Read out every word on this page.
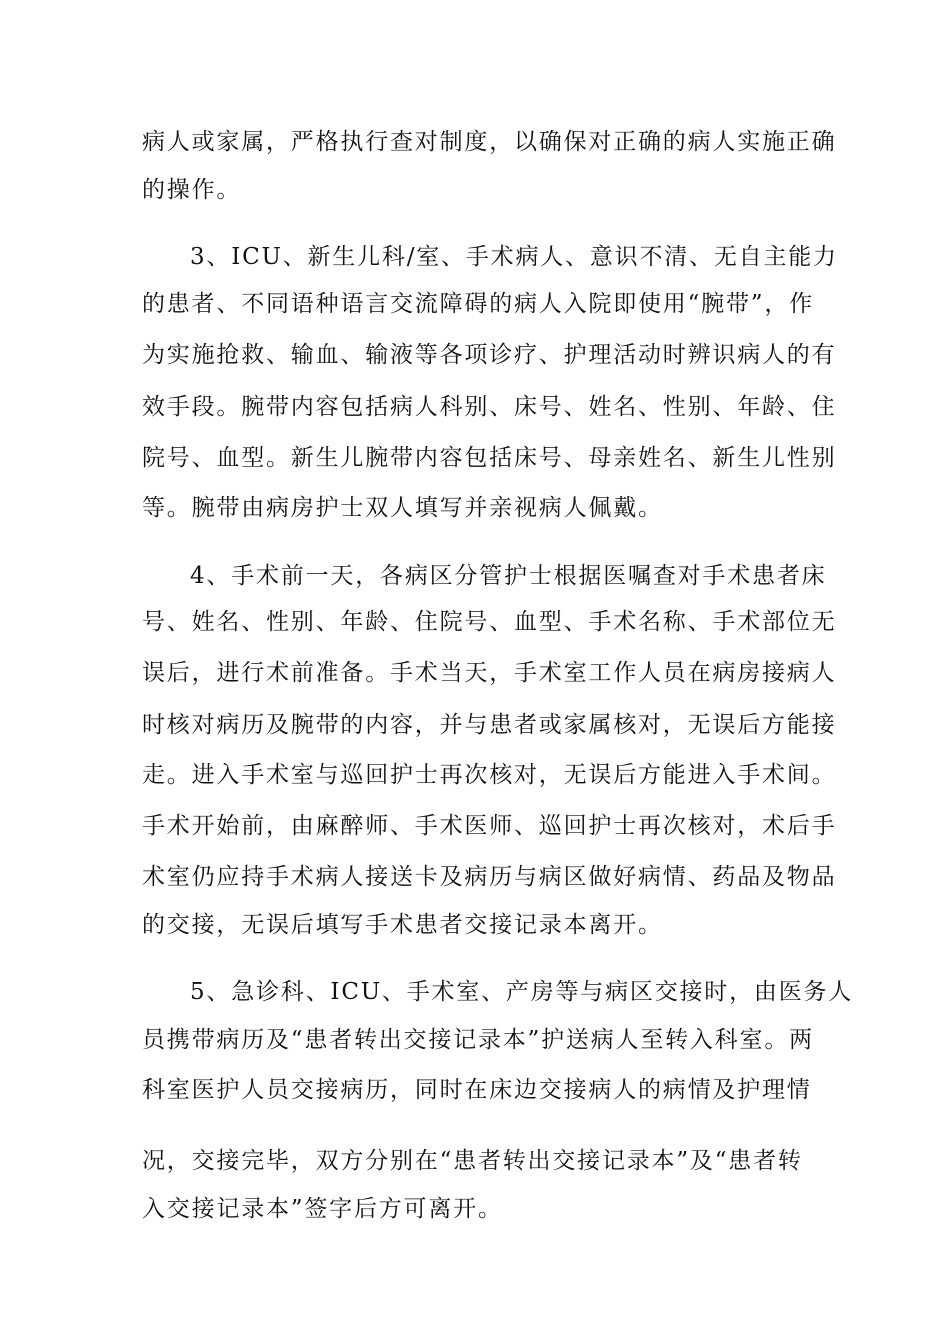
病人或家属，严格执行查对制度，以确保对正确的病人实施正确
的操作。
3、ICU、新生儿科/室、手术病人、意识不清、无自主能力
的患者、不同语种语言交流障碍的病人入院即使用“腕带”，作
为实施抢救、输血、输液等各项诊疗、护理活动时辨识病人的有
效手段。腕带内容包括病人科别、床号、姓名、性别、年龄、住
院号、血型。新生儿腕带内容包括床号、母亲姓名、新生儿性别
等。腕带由病房护士双人填写并亲视病人佩戴。
4、手术前一天，各病区分管护士根据医嘱查对手术患者床
号、姓名、性别、年龄、住院号、血型、手术名称、手术部位无
误后，进行术前准备。手术当天，手术室工作人员在病房接病人
时核对病历及腕带的内容，并与患者或家属核对，无误后方能接
走。进入手术室与巡回护士再次核对，无误后方能进入手术间。
手术开始前，由麻醉师、手术医师、巡回护士再次核对，术后手
术室仍应持手术病人接送卡及病历与病区做好病情、药品及物品
的交接，无误后填写手术患者交接记录本离开。
5、急诊科、ICU、手术室、产房等与病区交接时，由医务人
员携带病历及“患者转出交接记录本”护送病人至转入科室。两
科室医护人员交接病历，同时在床边交接病人的病情及护理情
况，交接完毕，双方分别在“患者转出交接记录本”及“患者转
入交接记录本”签字后方可离开。
